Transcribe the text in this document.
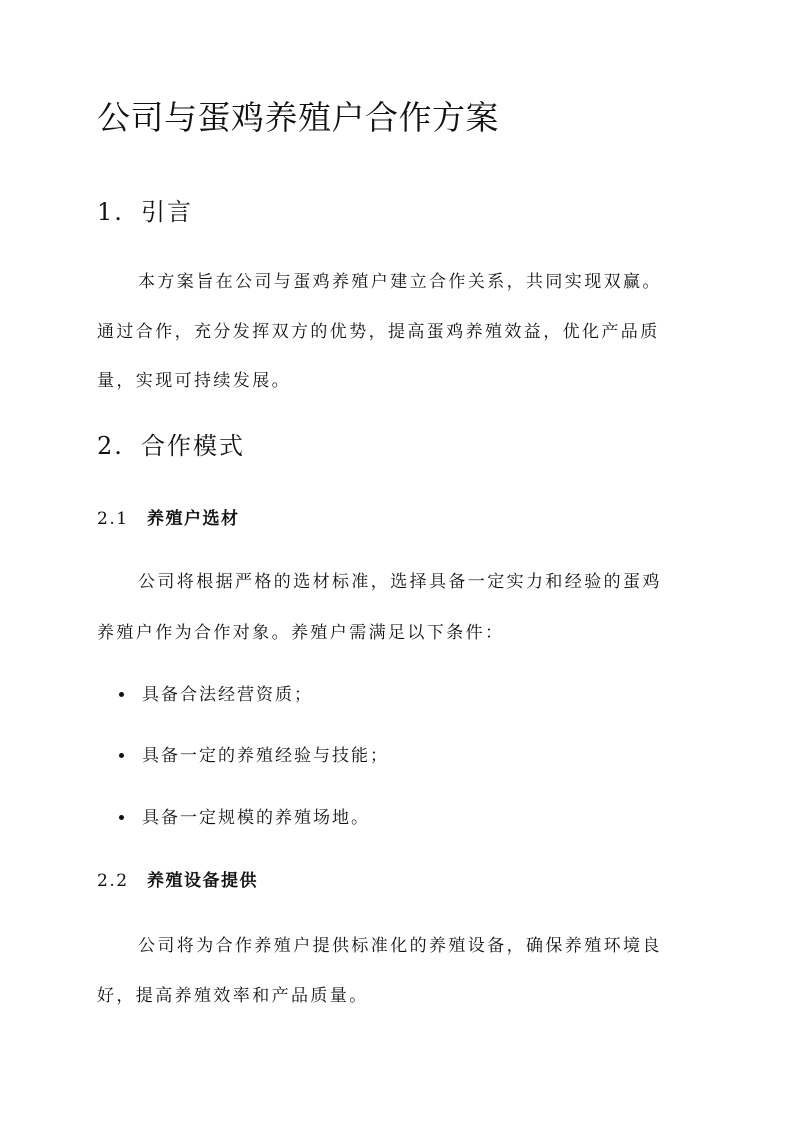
公司与蛋鸡养殖户合作方案
1. 引言
本方案旨在公司与蛋鸡养殖户建立合作关系，共同实现双赢。
通过合作，充分发挥双方的优势，提高蛋鸡养殖效益，优化产品质
量，实现可持续发展。
2. 合作模式
2.1 养殖户选材
公司将根据严格的选材标准，选择具备一定实力和经验的蛋鸡
养殖户作为合作对象。养殖户需满足以下条件：
具备合法经营资质；
具备一定的养殖经验与技能；
具备一定规模的养殖场地。
2.2 养殖设备提供
公司将为合作养殖户提供标准化的养殖设备，确保养殖环境良
好，提高养殖效率和产品质量。
